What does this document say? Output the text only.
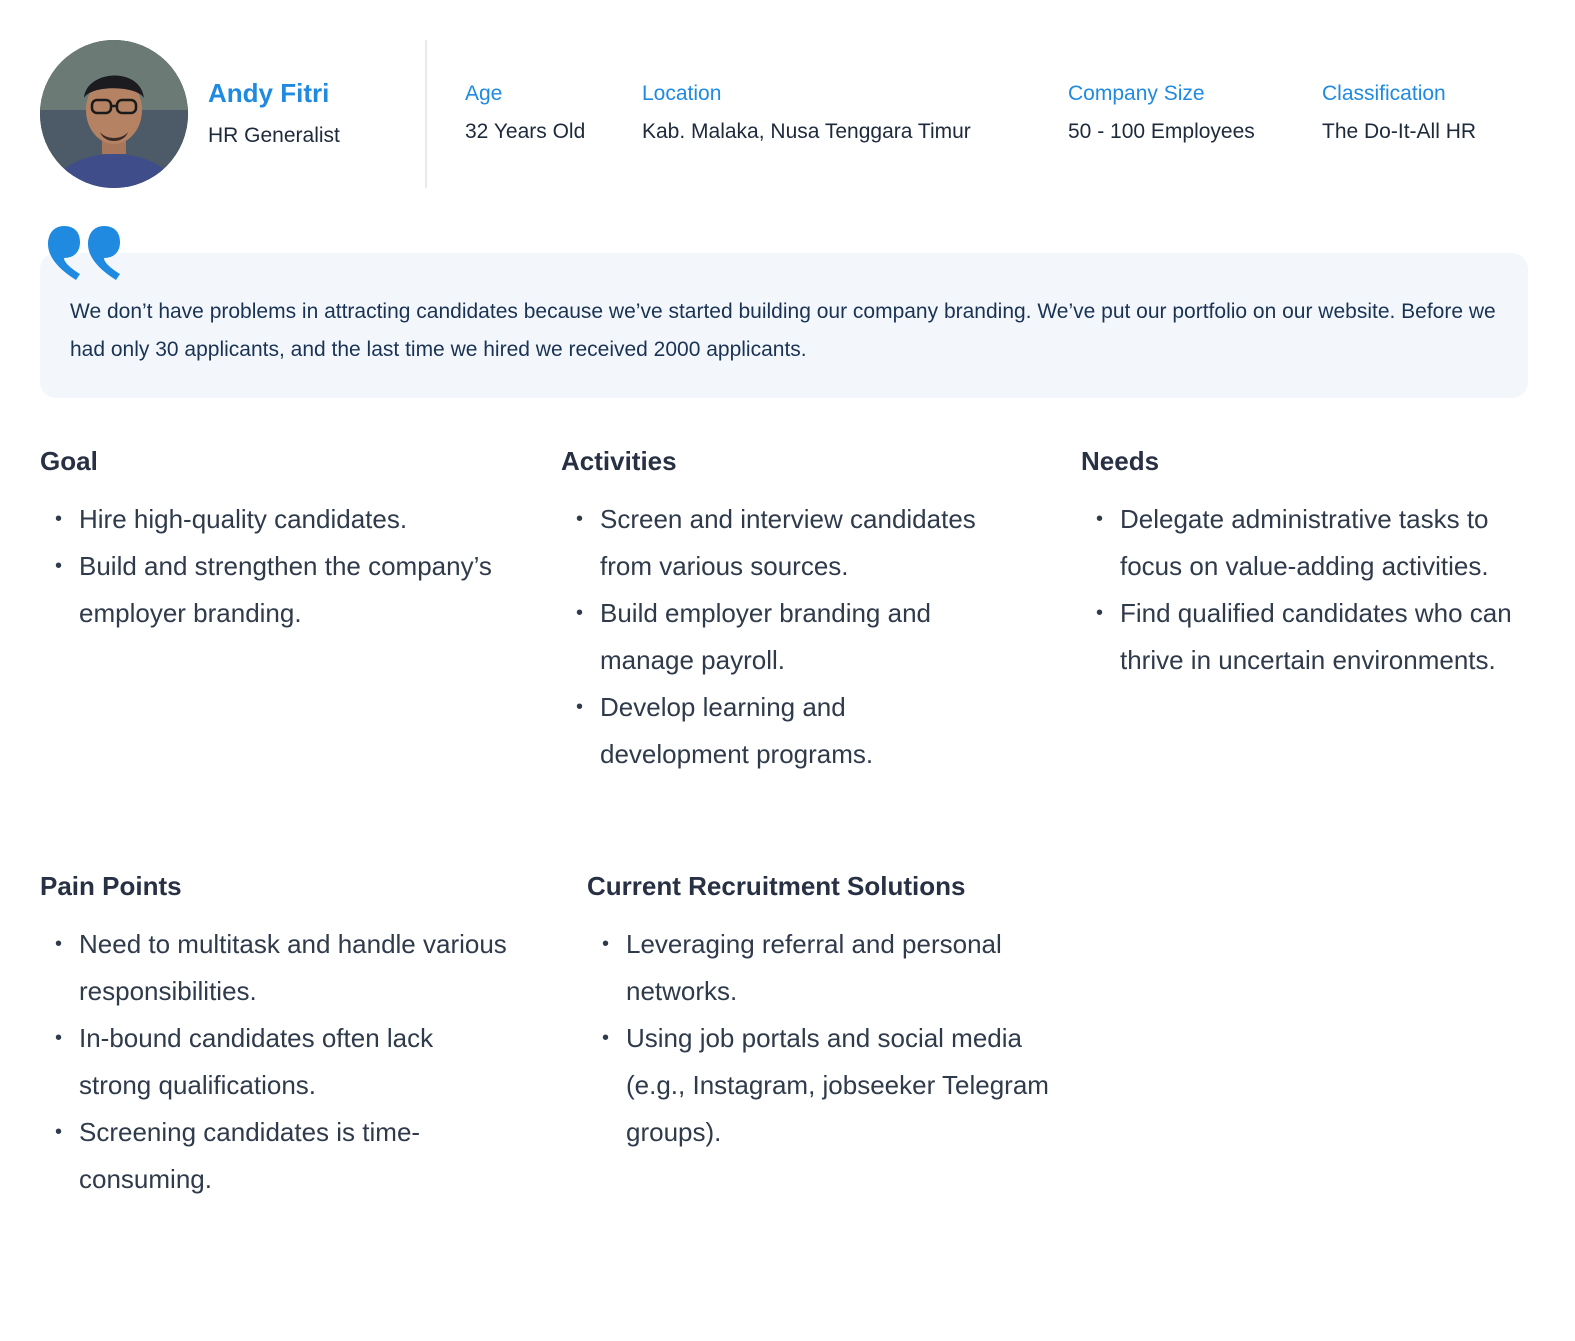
Andy Fitri
HR Generalist
Age
32 Years Old
Location
Kab. Malaka, Nusa Tenggara Timur
Company Size
50 - 100 Employees
Classification
The Do-It-All HR
We don’t have problems in attracting candidates because we’ve started building our company branding. We’ve put our portfolio on our website. Before we had only 30 applicants, and the last time we hired we received 2000 applicants.
Goal
• Hire high-quality candidates.
• Build and strengthen the company’s employer branding.
Activities
• Screen and interview candidates from various sources.
• Build employer branding and manage payroll.
• Develop learning and development programs.
Needs
• Delegate administrative tasks to focus on value-adding activities.
• Find qualified candidates who can thrive in uncertain environments.
Pain Points
• Need to multitask and handle various responsibilities.
• In-bound candidates often lack strong qualifications.
• Screening candidates is time-consuming.
Current Recruitment Solutions
• Leveraging referral and personal networks.
• Using job portals and social media (e.g., Instagram, jobseeker Telegram groups).
